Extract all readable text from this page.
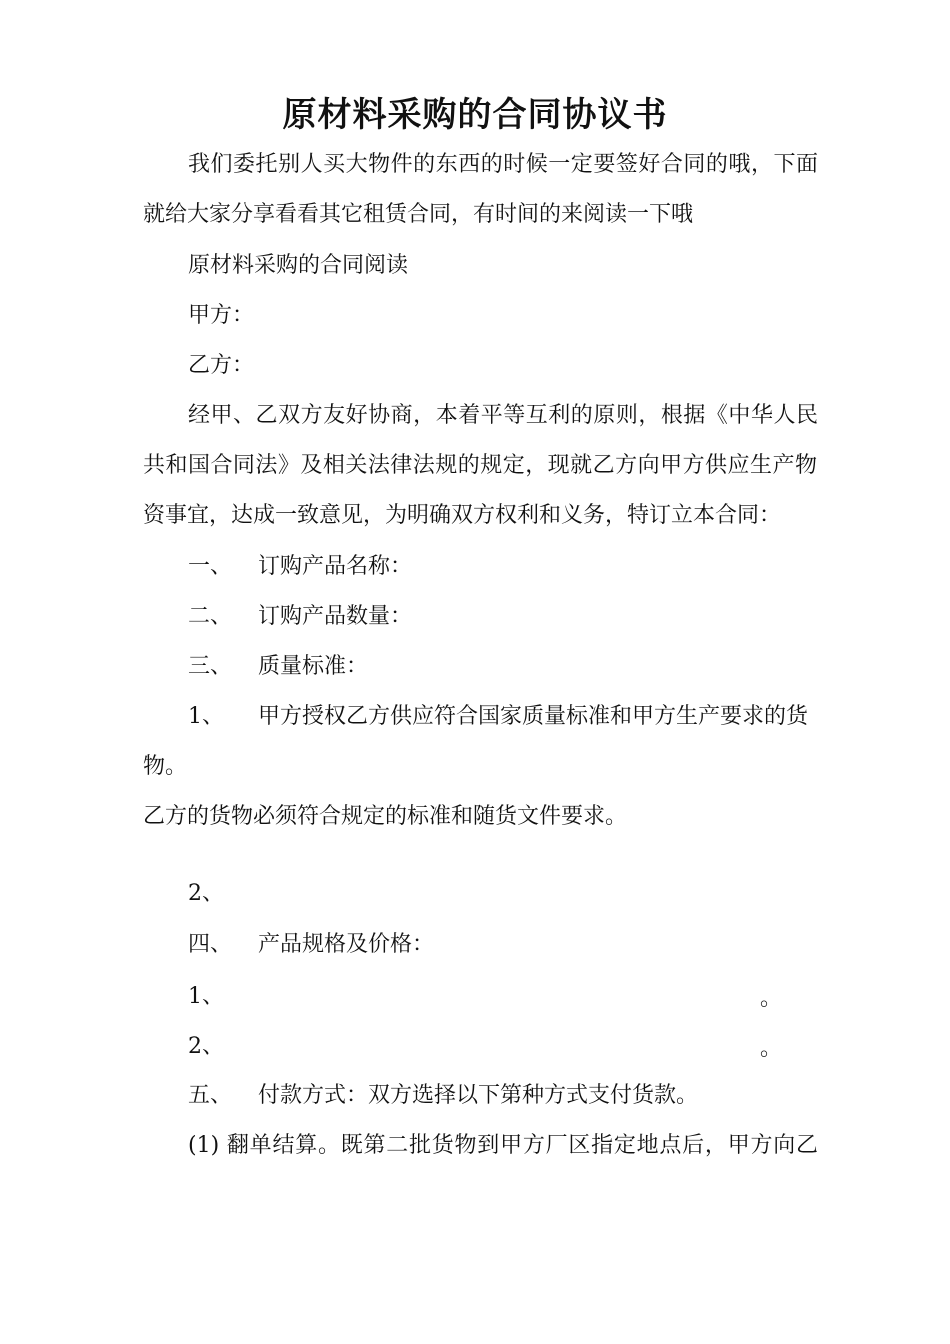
原材料采购的合同协议书
我们委托别人买大物件的东西的时候一定要签好合同的哦，下面
就给大家分享看看其它租赁合同，有时间的来阅读一下哦
原材料采购的合同阅读
甲方：
乙方：
经甲、乙双方友好协商，本着平等互利的原则，根据《中华人民
共和国合同法》及相关法律法规的规定，现就乙方向甲方供应生产物
资事宜，达成一致意见，为明确双方权利和义务，特订立本合同：
一、 订购产品名称：
二、 订购产品数量：
三、 质量标准：
1、 甲方授权乙方供应符合国家质量标准和甲方生产要求的货
物。
乙方的货物必须符合规定的标准和随货文件要求。
2、
四、 产品规格及价格：
1、	。
2、	。
五、 付款方式：双方选择以下第种方式支付货款。
(1) 翻单结算。既第二批货物到甲方厂区指定地点后，甲方向乙
